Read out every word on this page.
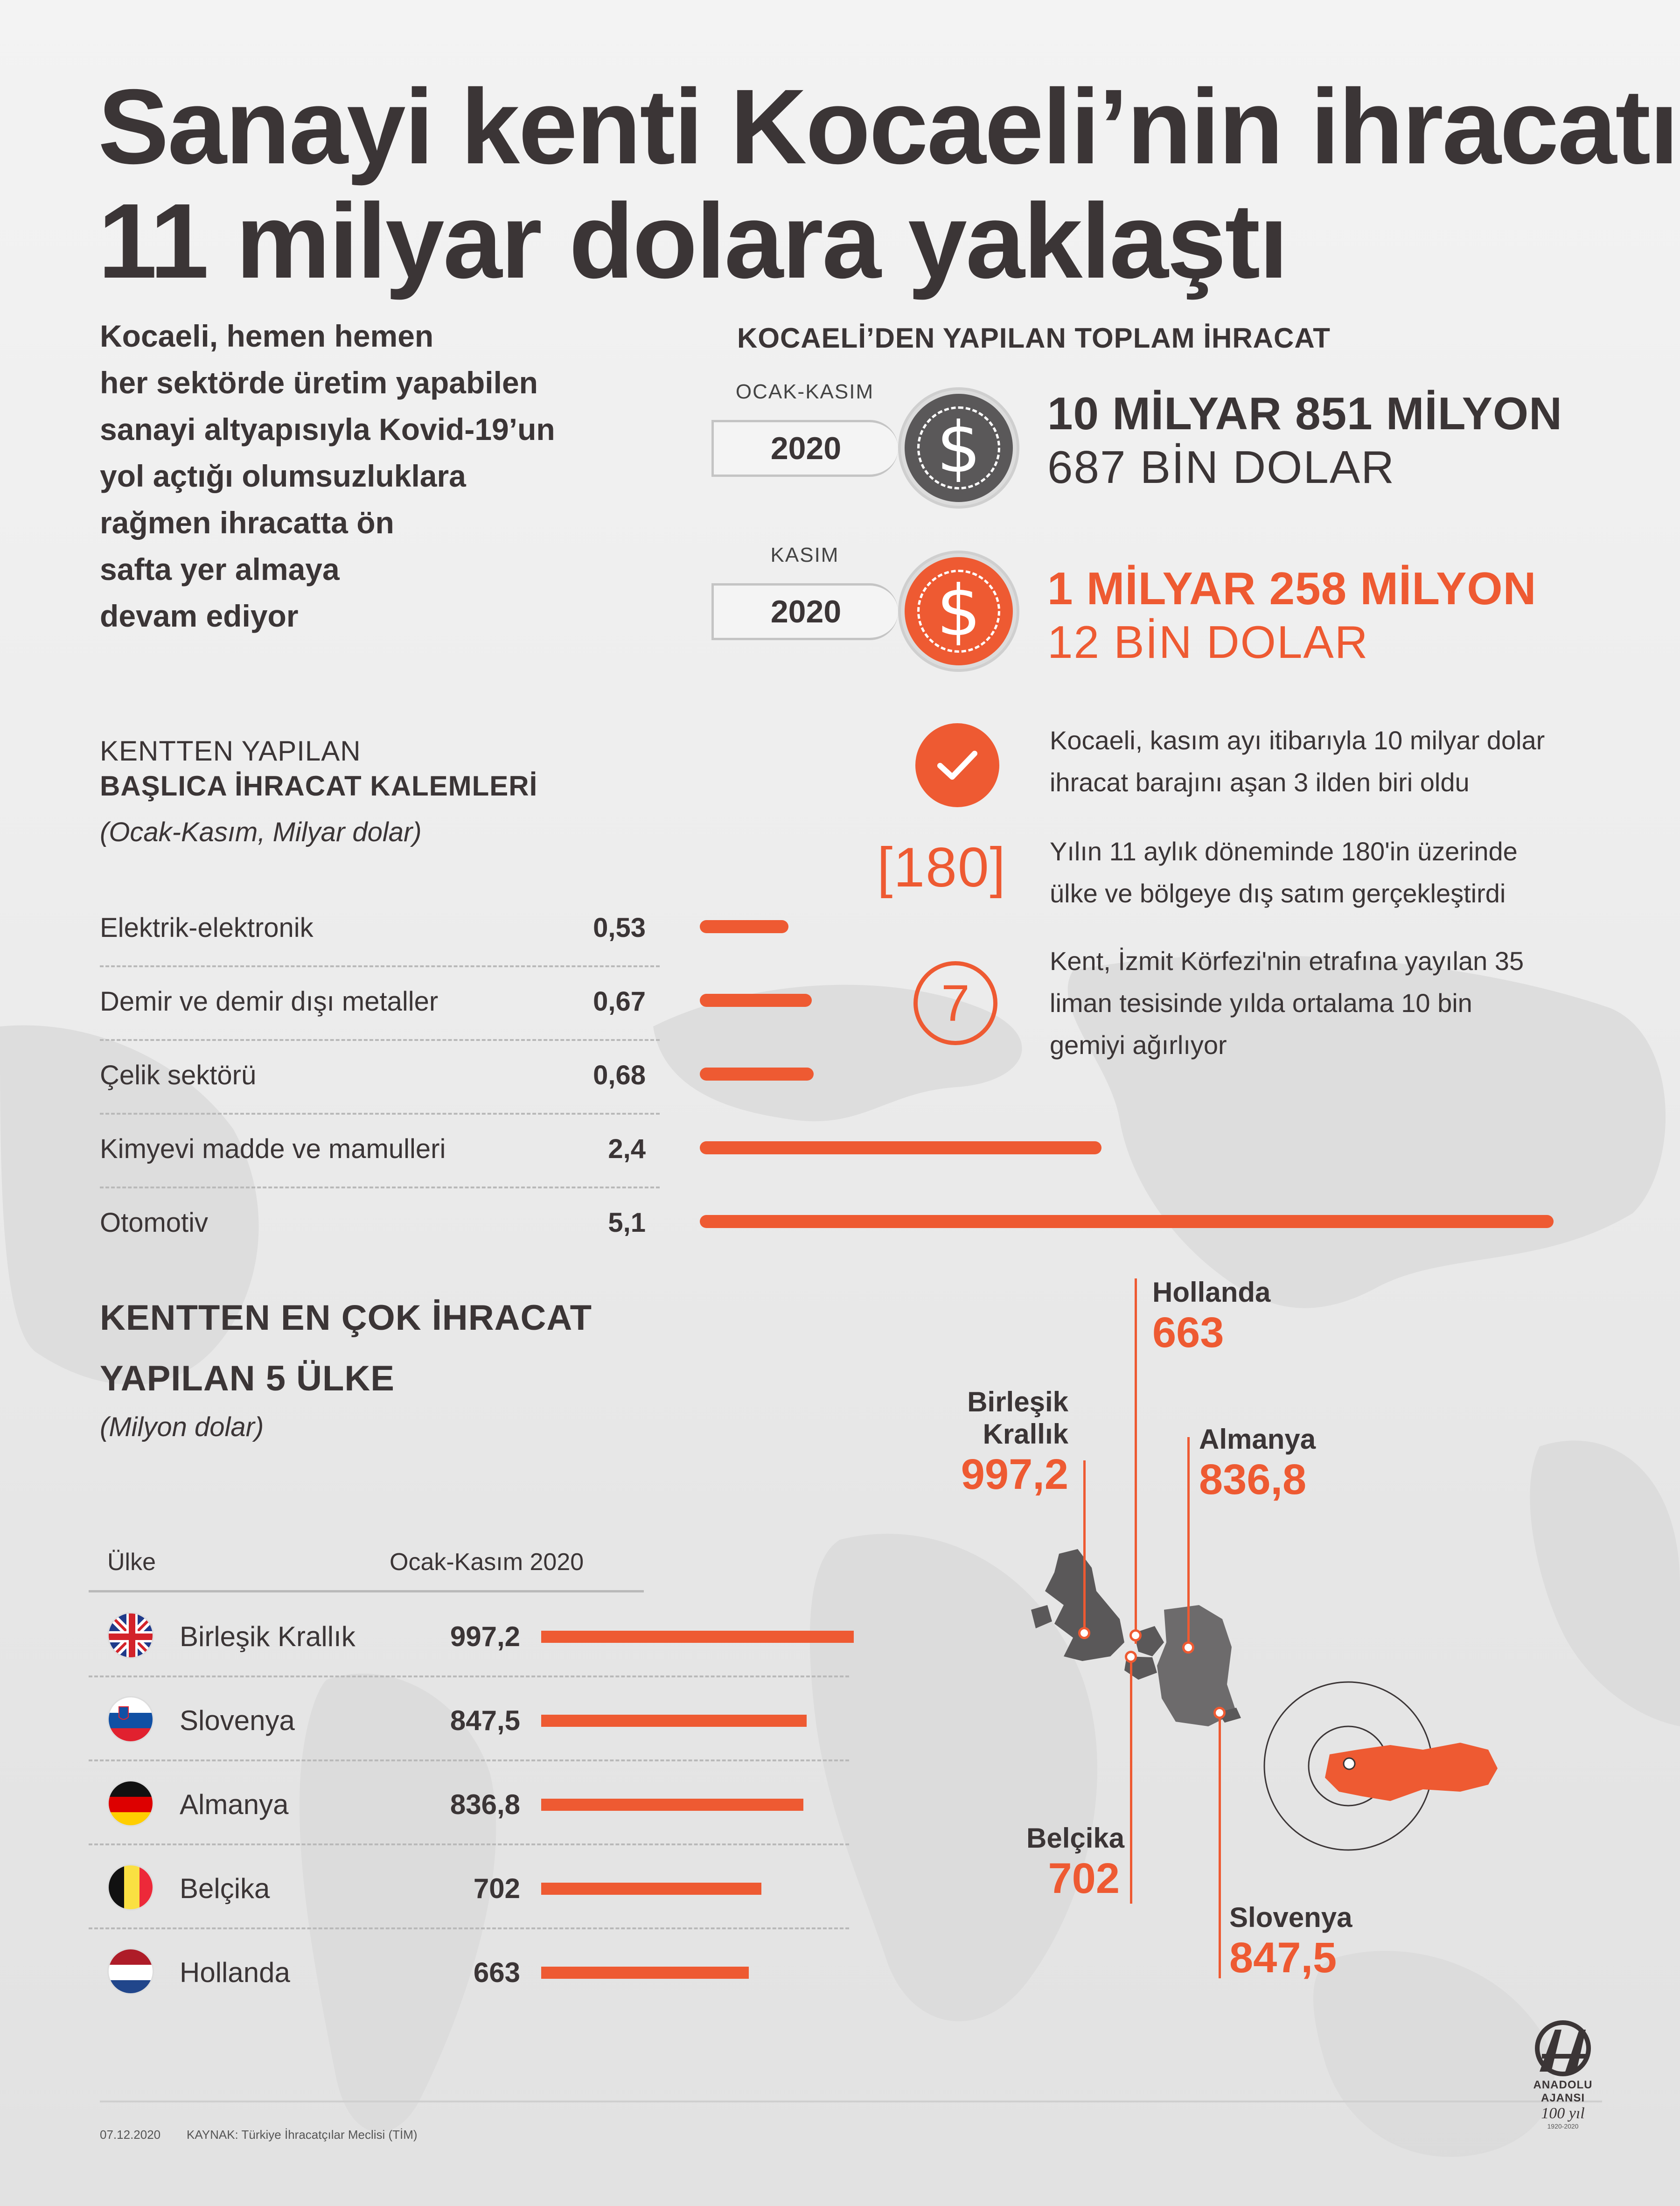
Sanayi kenti Kocaeli’nin ihracatı
11 milyar dolara yaklaştı
Kocaeli, hemen hemen
her sektörde üretim yapabilen
sanayi altyapısıyla Kovid-19’un
yol açtığı olumsuzluklara
rağmen ihracatta ön
safta yer almaya
devam ediyor
KOCAELİ’DEN YAPILAN TOPLAM İHRACAT
OCAK-KASIM
2020	$	10 MİLYAR 851 MİLYON
687 BİN DOLAR
KASIM
2020	$	1 MİLYAR 258 MİLYON
12 BİN DOLAR
Kocaeli, kasım ayı itibarıyla 10 milyar dolar
ihracat barajını aşan 3 ilden biri oldu
[180] Yılın 11 aylık döneminde 180'in üzerinde
ülke ve bölgeye dış satım gerçekleştirdi
7
Kent, İzmit Körfezi'nin etrafına yayılan 35
liman tesisinde yılda ortalama 10 bin
gemiyi ağırlıyor
KENTTEN YAPILAN
BAŞLICA İHRACAT KALEMLERİ
(Ocak-Kasım, Milyar dolar)
Elektrik-elektronik	0,53
Demir ve demir dışı metaller	0,67
Çelik sektörü	0,68
Kimyevi madde ve mamulleri	2,4
Otomotiv	5,1
KENTTEN EN ÇOK İHRACAT
YAPILAN 5 ÜLKE
(Milyon dolar)
Ülke	Ocak-Kasım 2020
Birleşik Krallık	997,2
Slovenya	847,5
Almanya	836,8
Belçika	702
Hollanda	663
Hollanda
663
Birleşik Krallık
997,2
Almanya
836,8
Belçika
702
Slovenya
847,5
07.12.2020 KAYNAK: Türkiye İhracatçılar Meclisi (TİM)
ANADOLU AJANSI
100 yıl
1920-2020
